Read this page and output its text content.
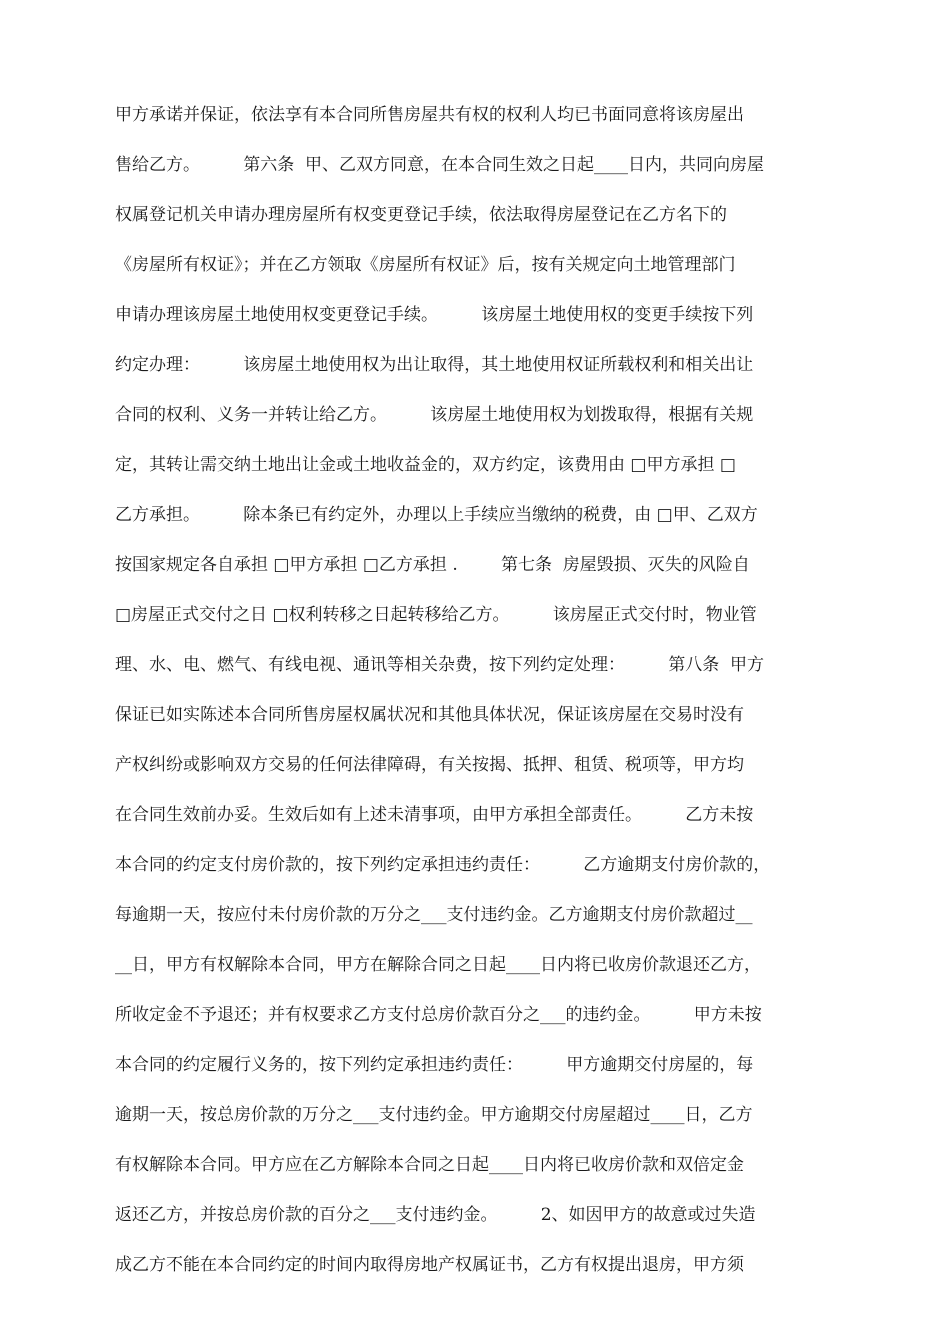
甲方承诺并保证，依法享有本合同所售房屋共有权的权利人均已书面同意将该房屋出
售给乙方。        第六条  甲、乙双方同意，在本合同生效之日起____日内，共同向房屋
权属登记机关申请办理房屋所有权变更登记手续，依法取得房屋登记在乙方名下的
《房屋所有权证》；并在乙方领取《房屋所有权证》后，按有关规定向土地管理部门
申请办理该房屋土地使用权变更登记手续。        该房屋土地使用权的变更手续按下列
约定办理：        该房屋土地使用权为出让取得，其土地使用权证所载权利和相关出让
合同的权利、义务一并转让给乙方。        该房屋土地使用权为划拨取得，根据有关规
定，其转让需交纳土地出让金或土地收益金的，双方约定，该费用由 □甲方承担 □
乙方承担。        除本条已有约定外，办理以上手续应当缴纳的税费，由 □甲、乙双方
按国家规定各自承担 □甲方承担 □乙方承担 .        第七条  房屋毁损、灭失的风险自
□房屋正式交付之日 □权利转移之日起转移给乙方。        该房屋正式交付时，物业管
理、水、电、燃气、有线电视、通讯等相关杂费，按下列约定处理：        第八条  甲方
保证已如实陈述本合同所售房屋权属状况和其他具体状况，保证该房屋在交易时没有
产权纠纷或影响双方交易的任何法律障碍，有关按揭、抵押、租赁、税项等，甲方均
在合同生效前办妥。生效后如有上述未清事项，由甲方承担全部责任。        乙方未按
本合同的约定支付房价款的，按下列约定承担违约责任：        乙方逾期支付房价款的，
每逾期一天，按应付未付房价款的万分之___支付违约金。乙方逾期支付房价款超过__
__日，甲方有权解除本合同，甲方在解除合同之日起____日内将已收房价款退还乙方，
所收定金不予退还；并有权要求乙方支付总房价款百分之___的违约金。        甲方未按
本合同的约定履行义务的，按下列约定承担违约责任：        甲方逾期交付房屋的，每
逾期一天，按总房价款的万分之___支付违约金。甲方逾期交付房屋超过____日，乙方
有权解除本合同。甲方应在乙方解除本合同之日起____日内将已收房价款和双倍定金
返还乙方，并按总房价款的百分之___支付违约金。        2、如因甲方的故意或过失造
成乙方不能在本合同约定的时间内取得房地产权属证书，乙方有权提出退房，甲方须
